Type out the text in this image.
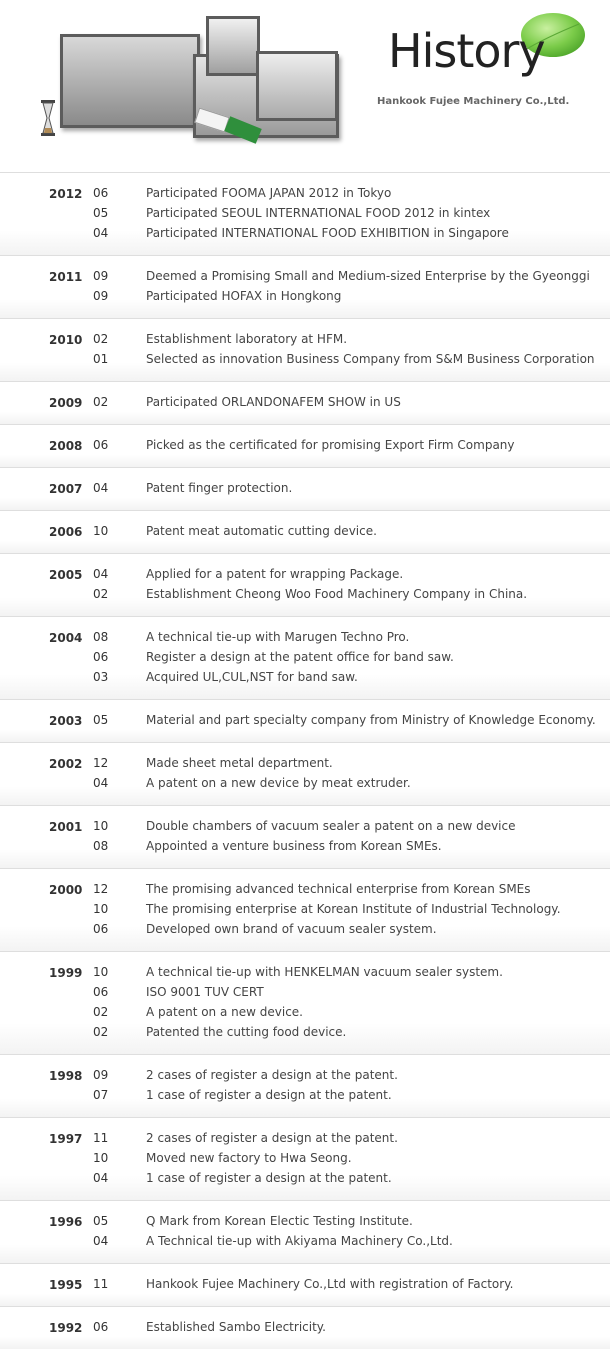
History
Hankook Fujee Machinery Co.,Ltd.
2012 06	Participated FOOMA JAPAN 2012 in Tokyo
05	Participated SEOUL INTERNATIONAL FOOD 2012 in kintex
04	Participated INTERNATIONAL FOOD EXHIBITION in Singapore
2011 09	Deemed a Promising Small and Medium-sized Enterprise by the Gyeonggi
09	Participated HOFAX in Hongkong
2010 02	Establishment laboratory at HFM.
01	Selected as innovation Business Company from S&M Business Corporation
2009 02	Participated ORLANDONAFEM SHOW in US
2008 06	Picked as the certificated for promising Export Firm Company
2007 04	Patent finger protection.
2006 10	Patent meat automatic cutting device.
2005 04	Applied for a patent for wrapping Package.
02	Establishment Cheong Woo Food Machinery Company in China.
2004 08	A technical tie-up with Marugen Techno Pro.
06	Register a design at the patent office for band saw.
03	Acquired UL,CUL,NST for band saw.
2003 05	Material and part specialty company from Ministry of Knowledge Economy.
2002 12	Made sheet metal department.
04	A patent on a new device by meat extruder.
2001 10	Double chambers of vacuum sealer a patent on a new device
08	Appointed a venture business from Korean SMEs.
2000 12	The promising advanced technical enterprise from Korean SMEs
10	The promising enterprise at Korean Institute of Industrial Technology.
06	Developed own brand of vacuum sealer system.
1999 10	A technical tie-up with HENKELMAN vacuum sealer system.
06	ISO 9001 TUV CERT
02	A patent on a new device.
02	Patented the cutting food device.
1998 09	2 cases of register a design at the patent.
07	1 case of register a design at the patent.
1997 11	2 cases of register a design at the patent.
10	Moved new factory to Hwa Seong.
04	1 case of register a design at the patent.
1996 05	Q Mark from Korean Electic Testing Institute.
04	A Technical tie-up with Akiyama Machinery Co.,Ltd.
1995 11	Hankook Fujee Machinery Co.,Ltd with registration of Factory.
1992 06	Established Sambo Electricity.
